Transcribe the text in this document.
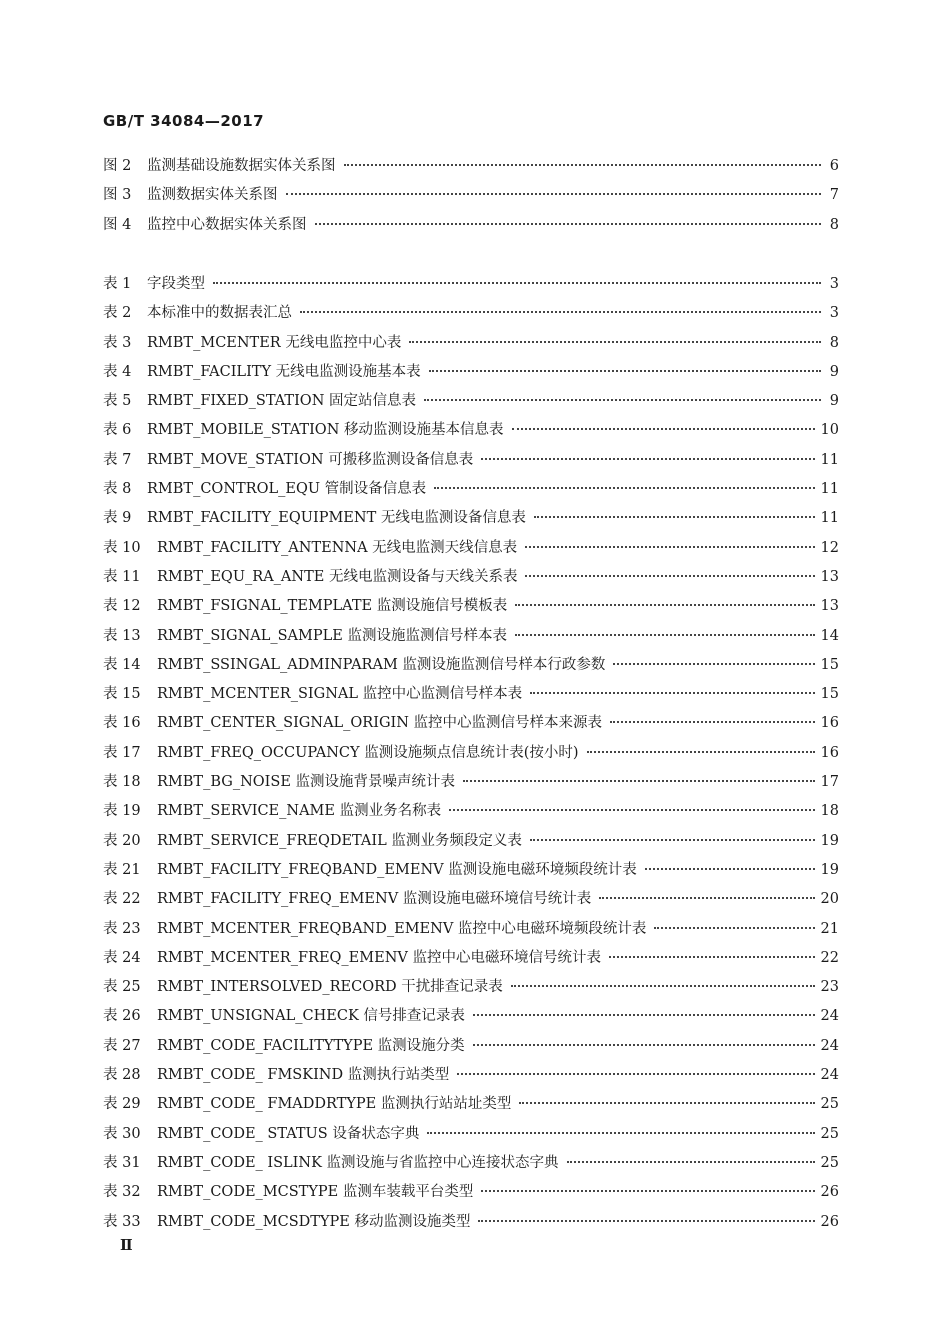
GB/T 34084—2017
图 2	监测基础设施数据实体关系图	6
图 3	监测数据实体关系图	7
图 4	监控中心数据实体关系图	8
表 1	字段类型	3
表 2	本标准中的数据表汇总	3
表 3	RMBT_MCENTER 无线电监控中心表	8
表 4	RMBT_FACILITY 无线电监测设施基本表	9
表 5	RMBT_FIXED_STATION 固定站信息表	9
表 6	RMBT_MOBILE_STATION 移动监测设施基本信息表	10
表 7	RMBT_MOVE_STATION 可搬移监测设备信息表	11
表 8	RMBT_CONTROL_EQU 管制设备信息表	11
表 9	RMBT_FACILITY_EQUIPMENT 无线电监测设备信息表	11
表 10	RMBT_FACILITY_ANTENNA 无线电监测天线信息表	12
表 11	RMBT_EQU_RA_ANTE 无线电监测设备与天线关系表	13
表 12	RMBT_FSIGNAL_TEMPLATE 监测设施信号模板表	13
表 13	RMBT_SIGNAL_SAMPLE 监测设施监测信号样本表	14
表 14	RMBT_SSINGAL_ADMINPARAM 监测设施监测信号样本行政参数	15
表 15	RMBT_MCENTER_SIGNAL 监控中心监测信号样本表	15
表 16	RMBT_CENTER_SIGNAL_ORIGIN 监控中心监测信号样本来源表	16
表 17	RMBT_FREQ_OCCUPANCY 监测设施频点信息统计表(按小时)	16
表 18	RMBT_BG_NOISE 监测设施背景噪声统计表	17
表 19	RMBT_SERVICE_NAME 监测业务名称表	18
表 20	RMBT_SERVICE_FREQDETAIL 监测业务频段定义表	19
表 21	RMBT_FACILITY_FREQBAND_EMENV 监测设施电磁环境频段统计表	19
表 22	RMBT_FACILITY_FREQ_EMENV 监测设施电磁环境信号统计表	20
表 23	RMBT_MCENTER_FREQBAND_EMENV 监控中心电磁环境频段统计表	21
表 24	RMBT_MCENTER_FREQ_EMENV 监控中心电磁环境信号统计表	22
表 25	RMBT_INTERSOLVED_RECORD 干扰排查记录表	23
表 26	RMBT_UNSIGNAL_CHECK 信号排查记录表	24
表 27	RMBT_CODE_FACILITYTYPE 监测设施分类	24
表 28	RMBT_CODE_ FMSKIND 监测执行站类型	24
表 29	RMBT_CODE_ FMADDRTYPE 监测执行站站址类型	25
表 30	RMBT_CODE_ STATUS 设备状态字典	25
表 31	RMBT_CODE_ ISLINK 监测设施与省监控中心连接状态字典	25
表 32	RMBT_CODE_MCSTYPE 监测车装载平台类型	26
表 33	RMBT_CODE_MCSDTYPE 移动监测设施类型	26
Ⅱ
